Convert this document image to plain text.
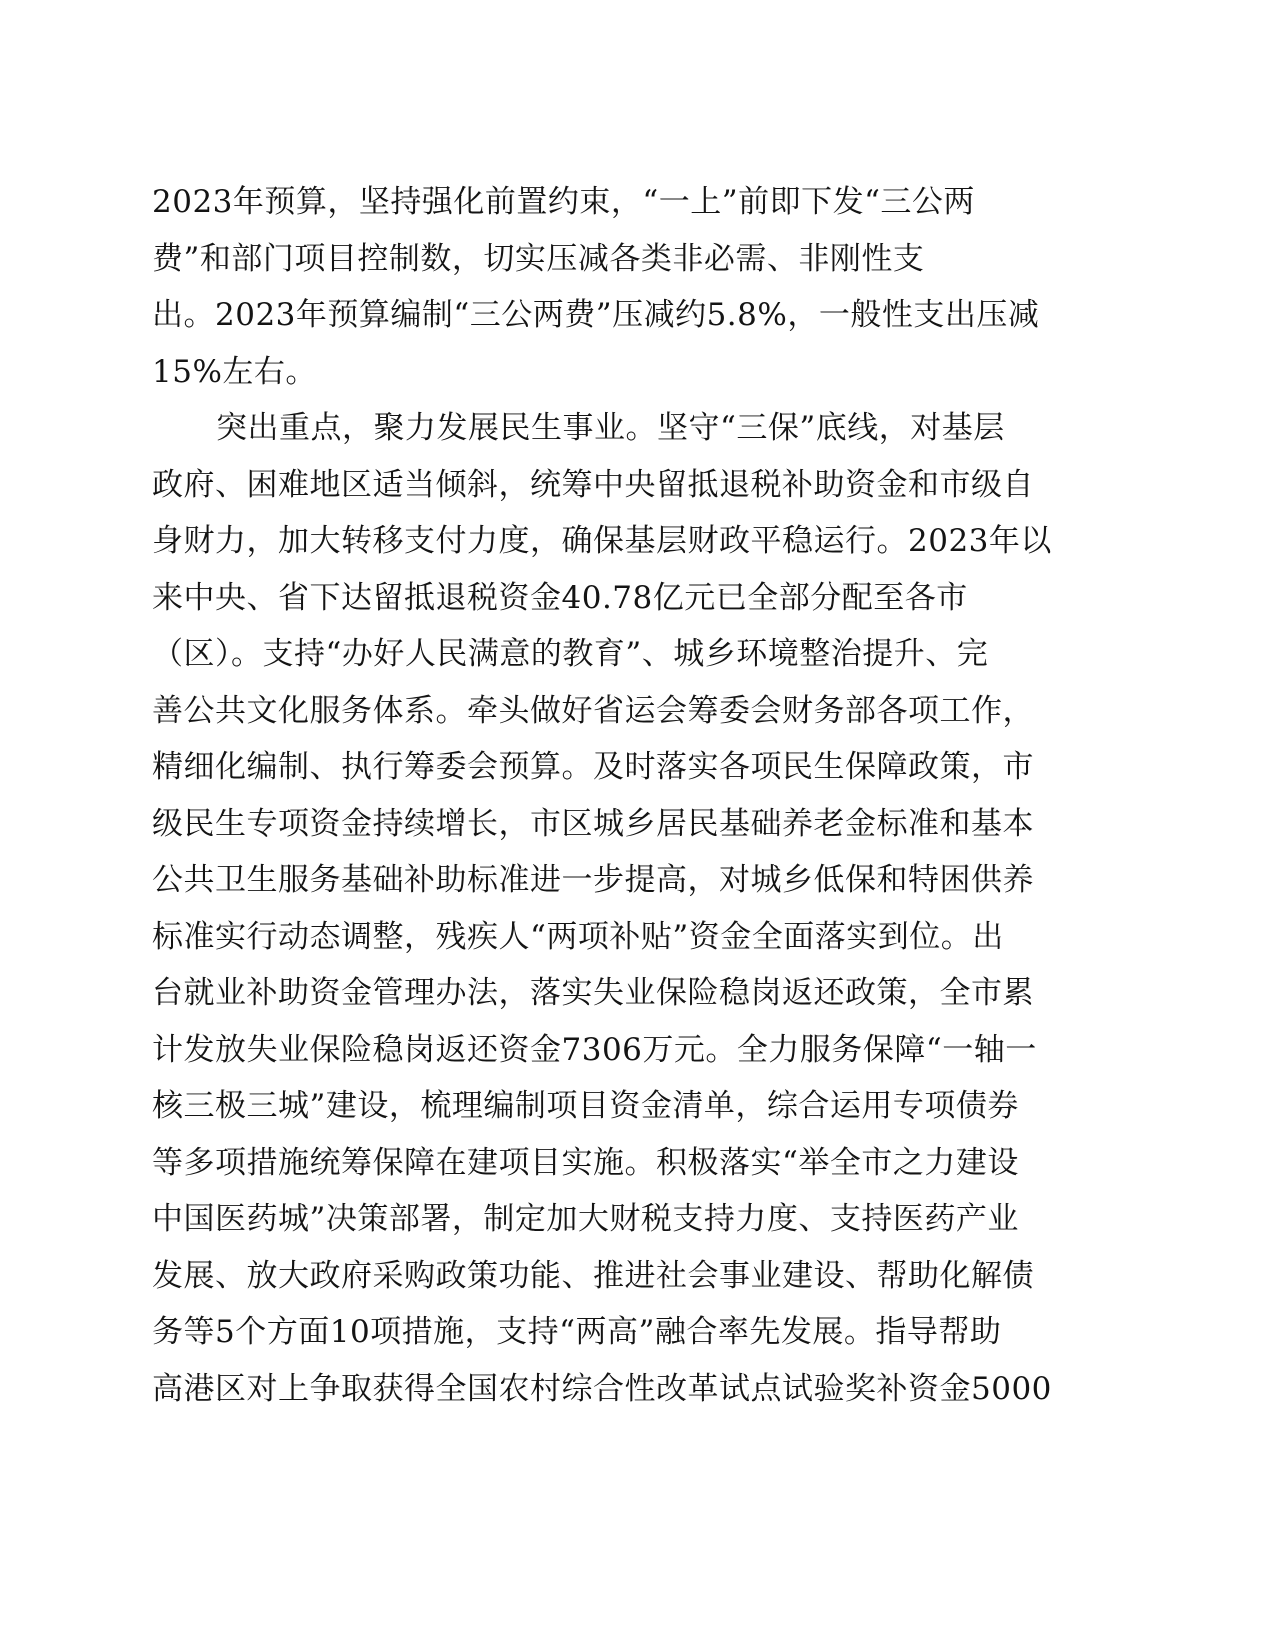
2023年预算，坚持强化前置约束，“一上”前即下发“三公两
费”和部门项目控制数，切实压减各类非必需、非刚性支
出。2023年预算编制“三公两费”压减约5.8%，一般性支出压减
15%左右。
突出重点，聚力发展民生事业。坚守“三保”底线，对基层
政府、困难地区适当倾斜，统筹中央留抵退税补助资金和市级自
身财力，加大转移支付力度，确保基层财政平稳运行。2023年以
来中央、省下达留抵退税资金40.78亿元已全部分配至各市
（区）。支持“办好人民满意的教育”、城乡环境整治提升、完
善公共文化服务体系。牵头做好省运会筹委会财务部各项工作，
精细化编制、执行筹委会预算。及时落实各项民生保障政策，市
级民生专项资金持续增长，市区城乡居民基础养老金标准和基本
公共卫生服务基础补助标准进一步提高，对城乡低保和特困供养
标准实行动态调整，残疾人“两项补贴”资金全面落实到位。出
台就业补助资金管理办法，落实失业保险稳岗返还政策，全市累
计发放失业保险稳岗返还资金7306万元。全力服务保障“一轴一
核三极三城”建设，梳理编制项目资金清单，综合运用专项债券
等多项措施统筹保障在建项目实施。积极落实“举全市之力建设
中国医药城”决策部署，制定加大财税支持力度、支持医药产业
发展、放大政府采购政策功能、推进社会事业建设、帮助化解债
务等5个方面10项措施，支持“两高”融合率先发展。指导帮助
高港区对上争取获得全国农村综合性改革试点试验奖补资金5000
